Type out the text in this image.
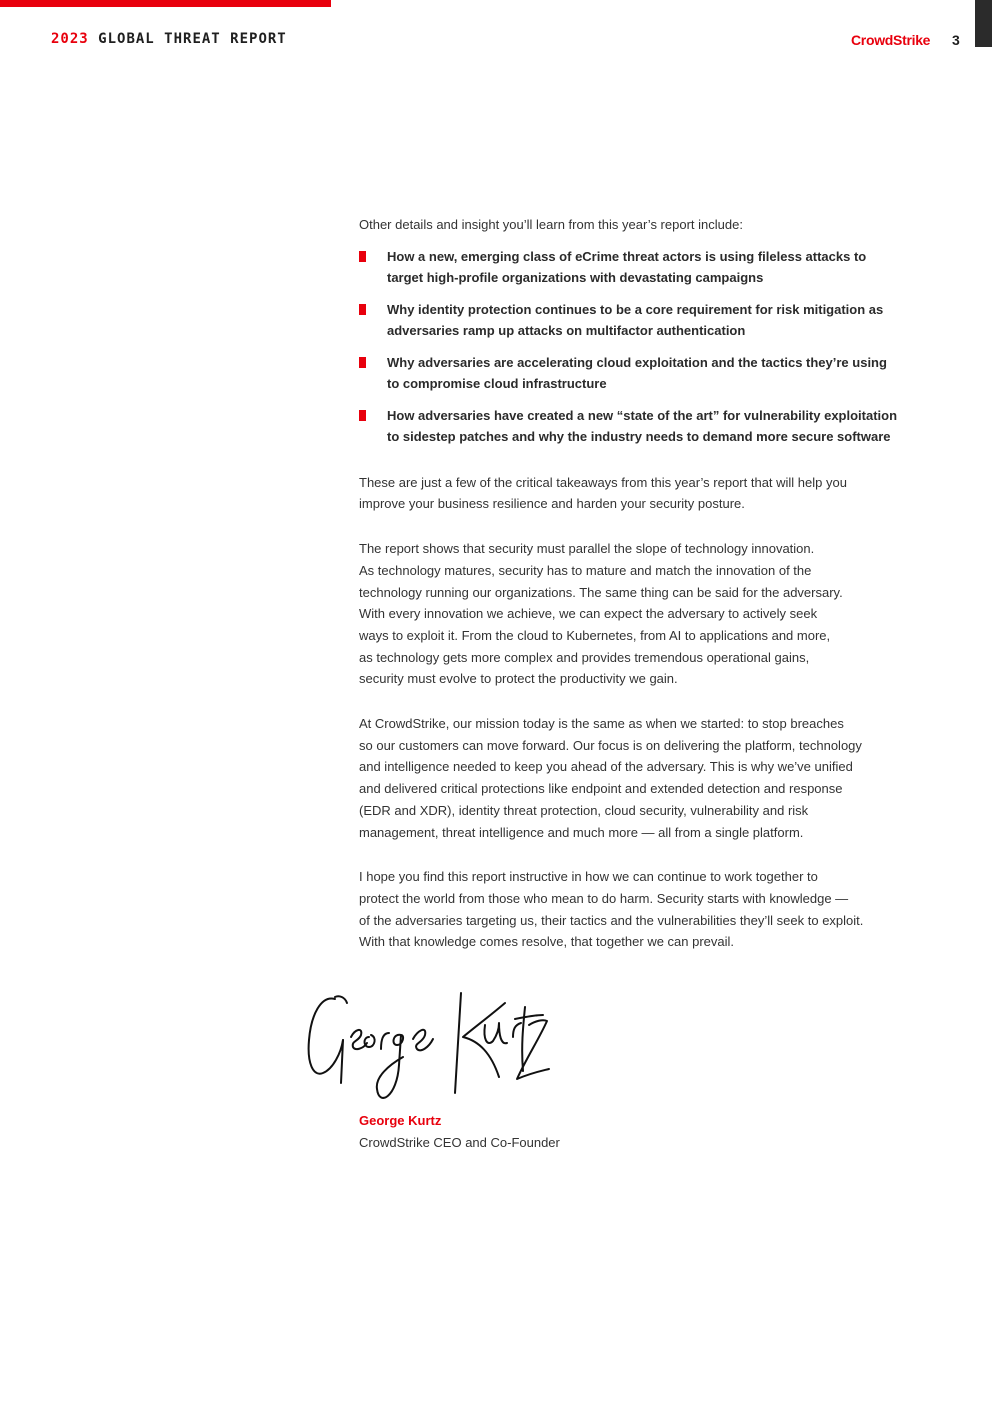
2023 GLOBAL THREAT REPORT	CrowdStrike 3

Other details and insight you’ll learn from this year’s report include:

How a new, emerging class of eCrime threat actors is using fileless attacks to
target high-profile organizations with devastating campaigns
Why identity protection continues to be a core requirement for risk mitigation as
adversaries ramp up attacks on multifactor authentication
Why adversaries are accelerating cloud exploitation and the tactics they’re using
to compromise cloud infrastructure
How adversaries have created a new “state of the art” for vulnerability exploitation
to sidestep patches and why the industry needs to demand more secure software

These are just a few of the critical takeaways from this year’s report that will help you
improve your business resilience and harden your security posture.

The report shows that security must parallel the slope of technology innovation.
As technology matures, security has to mature and match the innovation of the
technology running our organizations. The same thing can be said for the adversary.
With every innovation we achieve, we can expect the adversary to actively seek
ways to exploit it. From the cloud to Kubernetes, from AI to applications and more,
as technology gets more complex and provides tremendous operational gains,
security must evolve to protect the productivity we gain.

At CrowdStrike, our mission today is the same as when we started: to stop breaches
so our customers can move forward. Our focus is on delivering the platform, technology
and intelligence needed to keep you ahead of the adversary. This is why we’ve unified
and delivered critical protections like endpoint and extended detection and response
(EDR and XDR), identity threat protection, cloud security, vulnerability and risk
management, threat intelligence and much more — all from a single platform.

I hope you find this report instructive in how we can continue to work together to
protect the world from those who mean to do harm. Security starts with knowledge —
of the adversaries targeting us, their tactics and the vulnerabilities they’ll seek to exploit.
With that knowledge comes resolve, that together we can prevail.

George Kurtz
CrowdStrike CEO and Co-Founder
